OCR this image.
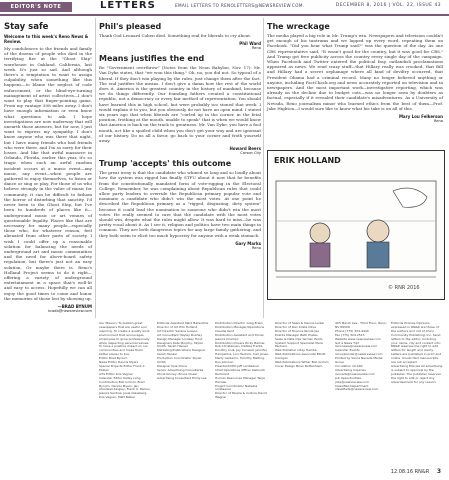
EDITOR'S NOTE	LETTERS	EMAIL LETTERS TO RENOLETTERS@NEWSREVIEW.COM.	DECEMBER 8, 2016 | VOL. 22, ISSUE 43
Stay safe
Welcome to this week's Reno News & Review.
My condolences to the friends and family of the dozens of people who died in the terrifying fire at the "Ghost Ship" warehouse in Oakland, California, last week. It's just so sad. And although there's a temptation to want to assign culpability, when something like this happens—to blame the neglect of code enforcement, or the blind-eye-turning management of artist collectives—I don't want to play that finger-pointing game. From my vantage 308 miles away, I don't have enough information or even know what questions to ask. I hope investigations are now underway that will unearth those answers, but for now, I just want to express my sympathy. I don't know anyone who was there that night, but I have many friends who had friends who were there, and I'm so sorry for their losses. And like that awful massacre in Orlando, Florida, earlier this year, it's so tragic when such an awful random incident occurs at a music event—any music, any event—when people are gathered to enjoy themselves, to listen or dance or sing or play. For those of us who believe strongly in the value of music for community, it can be difficult to fathom the horror of disturbing that sanctity. I'd never been to the Ghost Ship, but I've been to hundreds of places like it—underground music or art venues of questionable legality. Places like that are necessary for many people—especially those who, for whatever reason, feel alienated from other parts of society. I wish I could offer up a reasonable solution for balancing the needs of underground art and music communities and the need for above-board safety regulation, but there's just not an easy solution. Or maybe there is. Reno's Holland Project seems to do it right—offering a variety of underground entertainment in a space that's well-lit and easy to access. Hopefully we can all enjoy the good times to come and honor the memories of those lost by showing up.
—BRAD BYNUM
bradb@newsreview.com
Phil's pleased
Thank God Leonard Cohen died. Something real for liberals to cry about.
Phil Ward
Reno
Means justifies the end
Re "Government overthrow" (Notes from the Neon Babylon, Nov. 17): Mr. Van Dyke states, that "we won this thing." Oh, no, you did not. So typical of a liberal. If they don't win playing by the rules, just change them after the fact. The end justifies the means. I don't give a damn how the rest of the world does it. America is the greatest country in the history of mankind, because we do things differently. Our founding fathers created a constitutional republic, not a democracy or every fair method of representation. You should have learned this in high school, but were probably too stoned that week. I would explain it to you, but you obviously do not have an open mind. I stated six years ago that when liberals are "curled up in the corner. in the fetal position, frothing at the mouth, unable to speak" that is when we would know that America is back on the track to greatness. Mr. Van Dyke, you have a fool mouth, act like a spoiled child when you don't get your way and are ignorant of our history. Do us all a favor, go back to your corner and froth yourself away.
Howard Beers
Carson City
Trump 'accepts' this outcome
The great irony is that the candidate who whined so long and so loudly about how the system was rigged has finally STFU about it now that he benefits from the constitutionally mandated form of vote-rigging in the Electoral College. Remember, he was complaining about Republican rules that could allow party leaders to override the Republican primary popular vote and nominate a candidate who didn't win the most votes. At one point he described the Republican primary as a "rigged, disgusting, dirty system" because it could lead the nomination to someone who didn't win the most votes. He really seemed to care that the candidate with the most votes should win, despite what the rules might allow. It was hard to miss—he was pretty vocal about it. As I see it, religion and politics have two main things in common. They are both dangerous topics for any large family gathering, and they both seem to elicit too much hypocrisy for anyone with a weak stomach.
Gary Marks
Reno
The wreckage
The media played a big role in Mr. Trump's win. Newspapers and television couldn't get enough of his tantrums and we lapped up every word, repeating them on Facebook. "Did you hear what Trump said?" was the question of the day. As one CBS representative said, "It wasn't good for the country, but it was good for CBS." And Trump got free publicity across the country every single day of the campaign. When Facebook and Twitter entered the political fray, outlandish proclamations appeared as news. We read crazy stuff—that Hillary really was crooked, that Bill and Hillary had a secret orphanage where all kind of deviltry occurred, that President Obama had a criminal record. Many no longer believed anything or anyone, including FactCheck.org and news accurately reported on television and in newspapers. And the most important work—investigative reporting, which was already on the decline due to budget cuts—was no longer seen by doubters as factual, especially if it revealed their candidate's misadventures. As a University of Nevada, Reno journalism minor who learned ethics from the best of them—Prof. Jake Highton—I would sure like to know what his take is on all of this.
Mary Lou Felkerson
Reno
ERIK HOLLAND
© RNR 2016
Our Mission: To publish great newspapers that are useful and inspiring. To create a quality work environment that encourages employees to grow professionally while respecting personal values. To have a positive impact on our communities and make them better places to live.
Editor Brad Bynum
News Editor Dennis Myers
Special Projects Editor Frank X. Mullen
Arts Editor Kris Vagner
Calendar Editor Kelley Lang
Contributors Bob Grimm, Brad Bynum, Dennis Myers, Jeri Chadwell-Singley, Frank X. Mullen, Jessica Santina, Josie Glassberg, Kris Vagner, Matt Bieker
Editorial Assistant Mark Ballentine
Director of Art Erik Holland
Art Director Serene Lusano
Art Consultant Hayley Doshay
Design Manager Lindsay Trout
Designers Kate Murphy, Skyler Smith, Sarah Hansel
Marketing/Publications Designer Sarah Hansel
Production Coordinator Skyler Smith
Designer Kyle Shine
Senior Advertising Consultants Olivia Kinney, Bruce Cissel
Advertising Consultant Emily Lee
Distribution Director Greg Erwin
Distribution Manager/Operations Claudia Kent
Distribution Assistant and Driver Jessica Ocampo
Distribution Drivers Ricky Barlow, Rob Christensen, Debbie Frantz, Dorothy Colli, Jay Conwell, Jennifer Hampshire, Lori Hedrick, Carl Jones, Marty Lazzarini, Timothy Meiting, Ron Johnson
President/CEO Jeff vonKaenel
Chief Operations Officer Deborah Redmond
Human Resources Manager Tanja Hanalei
Project Coordinator Natasha vonKaenel
Director of People & Culture David Wagner
Director of Sales & Dennis Leiker
Director of Dev Krista Oliva
Director of Finance Nicole Jae
Events Manager Beth Prates
Sales & Data Ops Yerman Pardo
System Support Specialist Mara Pacheco
Web Publisher Uday Hamba
Web Publications Associate Elliott Carrigan
Web Publications Writer Bob Grimm
Cover Design Brian Bottenhiem
405 Marsh Ave., Third Floor, Reno, NV 89509
Phone (775) 324-4440
Fax (775) 324-2515
Website www.newsreview.com
Got a News Tip? renonews@newsreview.com
Calendar Events renocalendar@newsreview.com
Printed by Sierra Nevada Media Group
Circulation 10,000
Advertising Inquiries renoads@newsreview.com
Job Opportunities jobs@newsreview.com
Classified Department classifieds@newsreview.com
Editorial Policies Opinions expressed in RN&R are those of the authors and not of Chico Community Publishing, Inc. Send letters to the editor, including your name, city and contact info; RN&R reserves the right to edit letters for length and clarity. Letters are published in print and online. Unsolicited manuscripts are not accepted.
Advertising Policies All advertising is subject to approval by the publisher. The publisher reserves the right to edit or reject any advertisement for any reason.
12.08.16 RN&R 3
